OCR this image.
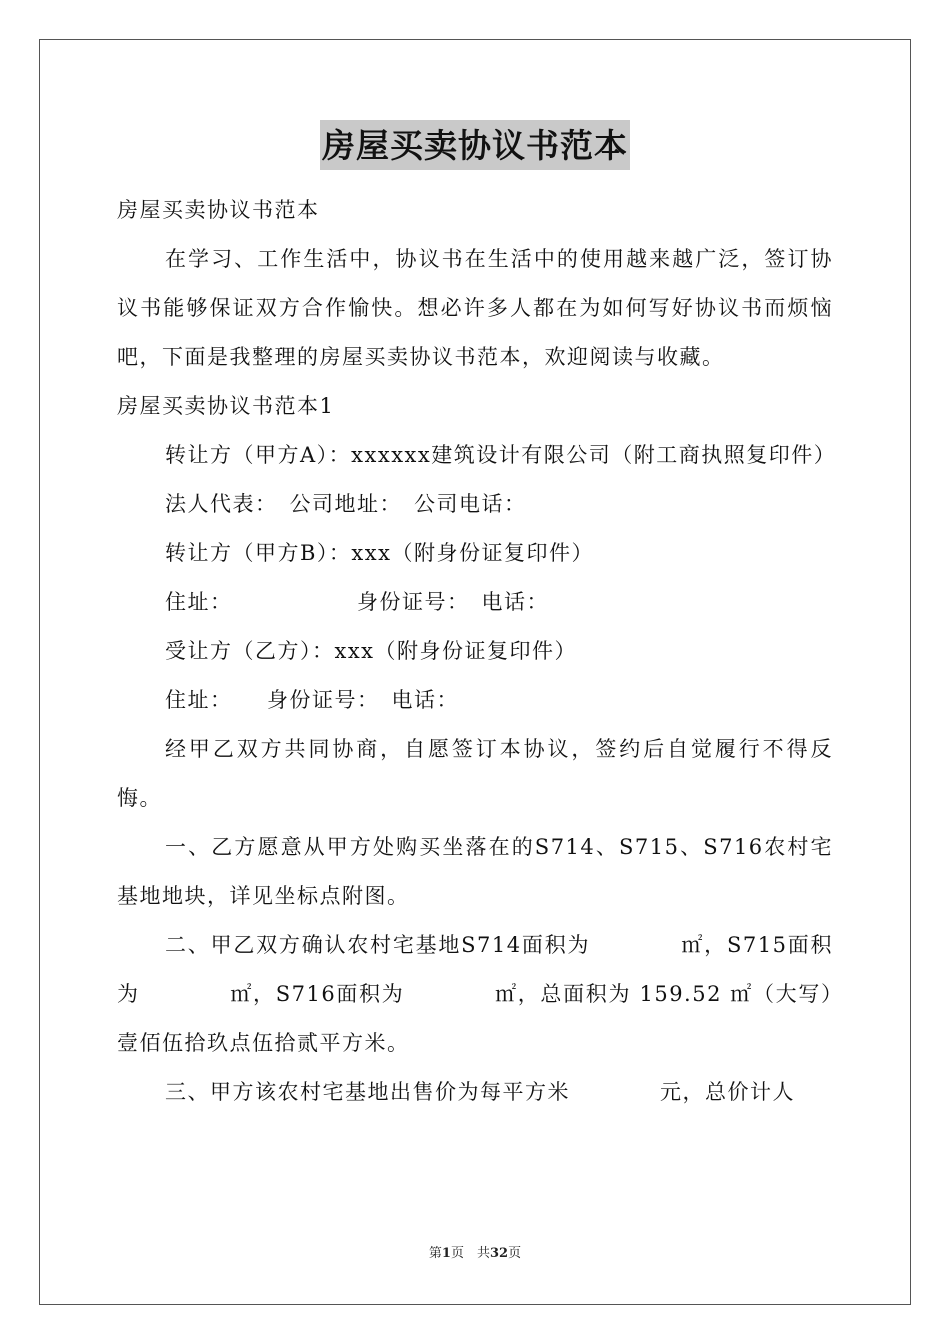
房屋买卖协议书范本

房屋买卖协议书范本

在学习、工作生活中，协议书在生活中的使用越来越广泛，签订协议书能够保证双方合作愉快。想必许多人都在为如何写好协议书而烦恼吧，下面是我整理的房屋买卖协议书范本，欢迎阅读与收藏。

房屋买卖协议书范本1

转让方（甲方A）：xxxxxx建筑设计有限公司（附工商执照复印件）

法人代表：　公司地址：　公司电话：

转让方（甲方B）：xxx（附身份证复印件）

住址：　　　　　　身份证号：　电话：

受让方（乙方）：xxx（附身份证复印件）

住址：　　身份证号：　电话：

经甲乙双方共同协商，自愿签订本协议，签约后自觉履行不得反悔。

一、乙方愿意从甲方处购买坐落在的S714、S715、S716农村宅基地地块，详见坐标点附图。

二、甲乙双方确认农村宅基地S714面积为　　　　㎡，S715面积为　　　　㎡，S716面积为　　　　㎡，总面积为 159.52 ㎡（大写）壹佰伍拾玖点伍拾贰平方米。

三、甲方该农村宅基地出售价为每平方米　　　　元，总价计人

第1页　共32页
